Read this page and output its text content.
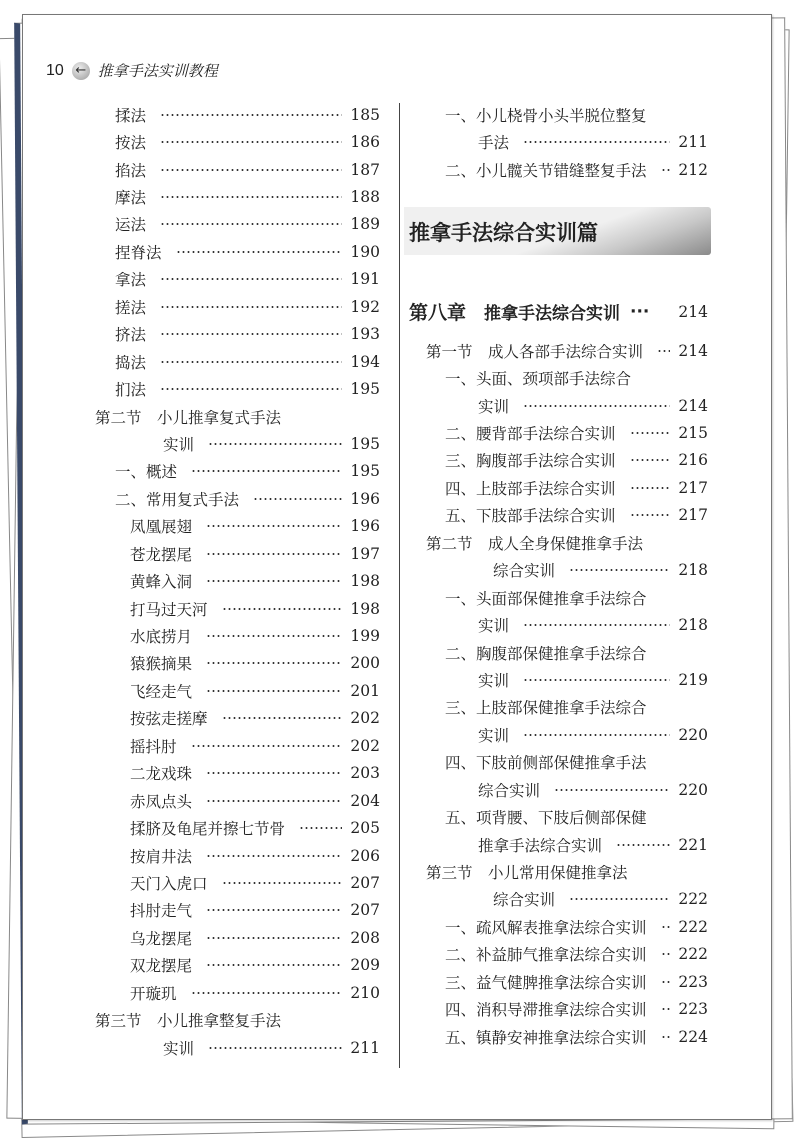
10 ← 推拿手法实训教程
揉法	185
按法	186
掐法	187
摩法	188
运法	189
捏脊法	190
拿法	191
搓法	192
挤法	193
捣法	194
扪法	195
第二节　小儿推拿复式手法
实训	195
一、概述	195
二、常用复式手法	196
凤凰展翅	196
苍龙摆尾	197
黄蜂入洞	198
打马过天河	198
水底捞月	199
猿猴摘果	200
飞经走气	201
按弦走搓摩	202
摇抖肘	202
二龙戏珠	203
赤凤点头	204
揉脐及龟尾并擦七节骨	205
按肩井法	206
天门入虎口	207
抖肘走气	207
乌龙摆尾	208
双龙摆尾	209
开璇玑	210
第三节　小儿推拿整复手法
实训	211
一、小儿桡骨小头半脱位整复
手法	211
二、小儿髋关节错缝整复手法 212
推拿手法综合实训篇
第八章 推拿手法综合实训 ··· 214
第一节　成人各部手法综合实训 214
一、头面、颈项部手法综合
实训	214
二、腰背部手法综合实训	215
三、胸腹部手法综合实训	216
四、上肢部手法综合实训	217
五、下肢部手法综合实训	217
第二节　成人全身保健推拿手法
综合实训	218
一、头面部保健推拿手法综合
实训	218
二、胸腹部保健推拿手法综合
实训	219
三、上肢部保健推拿手法综合
实训	220
四、下肢前侧部保健推拿手法
综合实训	220
五、项背腰、下肢后侧部保健
推拿手法综合实训	221
第三节　小儿常用保健推拿法
综合实训	222
一、疏风解表推拿法综合实训 222
二、补益肺气推拿法综合实训 222
三、益气健脾推拿法综合实训 223
四、消积导滞推拿法综合实训 223
五、镇静安神推拿法综合实训 224
